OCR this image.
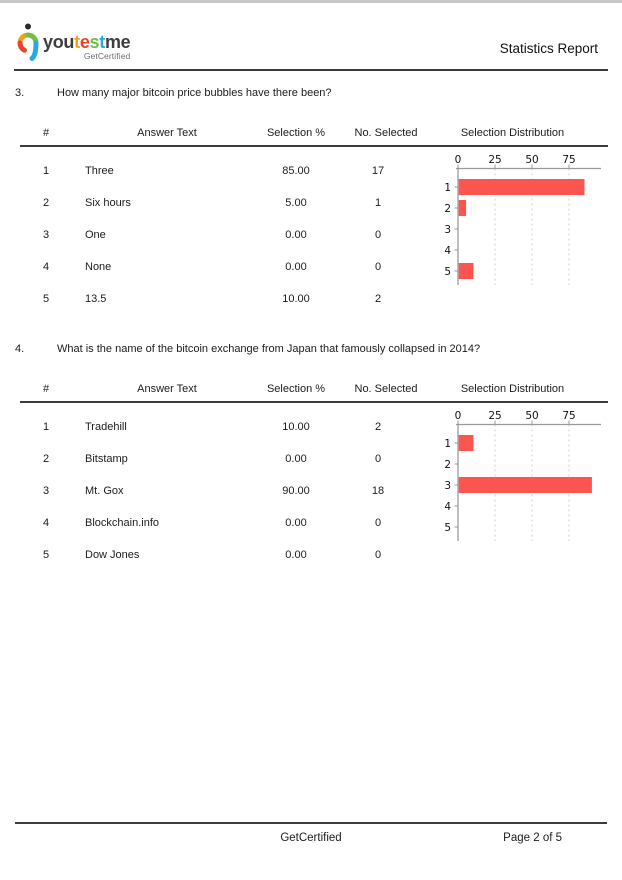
youtestme
GetCertified	Statistics Report
3.	How many major bitcoin price bubbles have there been?
#	Answer Text	Selection %	No. Selected	Selection Distribution
1	Three	85.00	17
2	Six hours	5.00	1
3	One	0.00	0
4	None	0.00	0
5	13.5	10.00	2
0	25 50 75
1
2
3
4
5
4.	What is the name of the bitcoin exchange from Japan that famously collapsed in 2014?
#	Answer Text	Selection %	No. Selected	Selection Distribution
1	Tradehill	10.00	2
2	Bitstamp	0.00	0
3	Mt. Gox	90.00	18
4	Blockchain.info	0.00	0
5	Dow Jones	0.00	0
0	25 50 75
1
2
3
4
5
GetCertified	Page 2 of 5
